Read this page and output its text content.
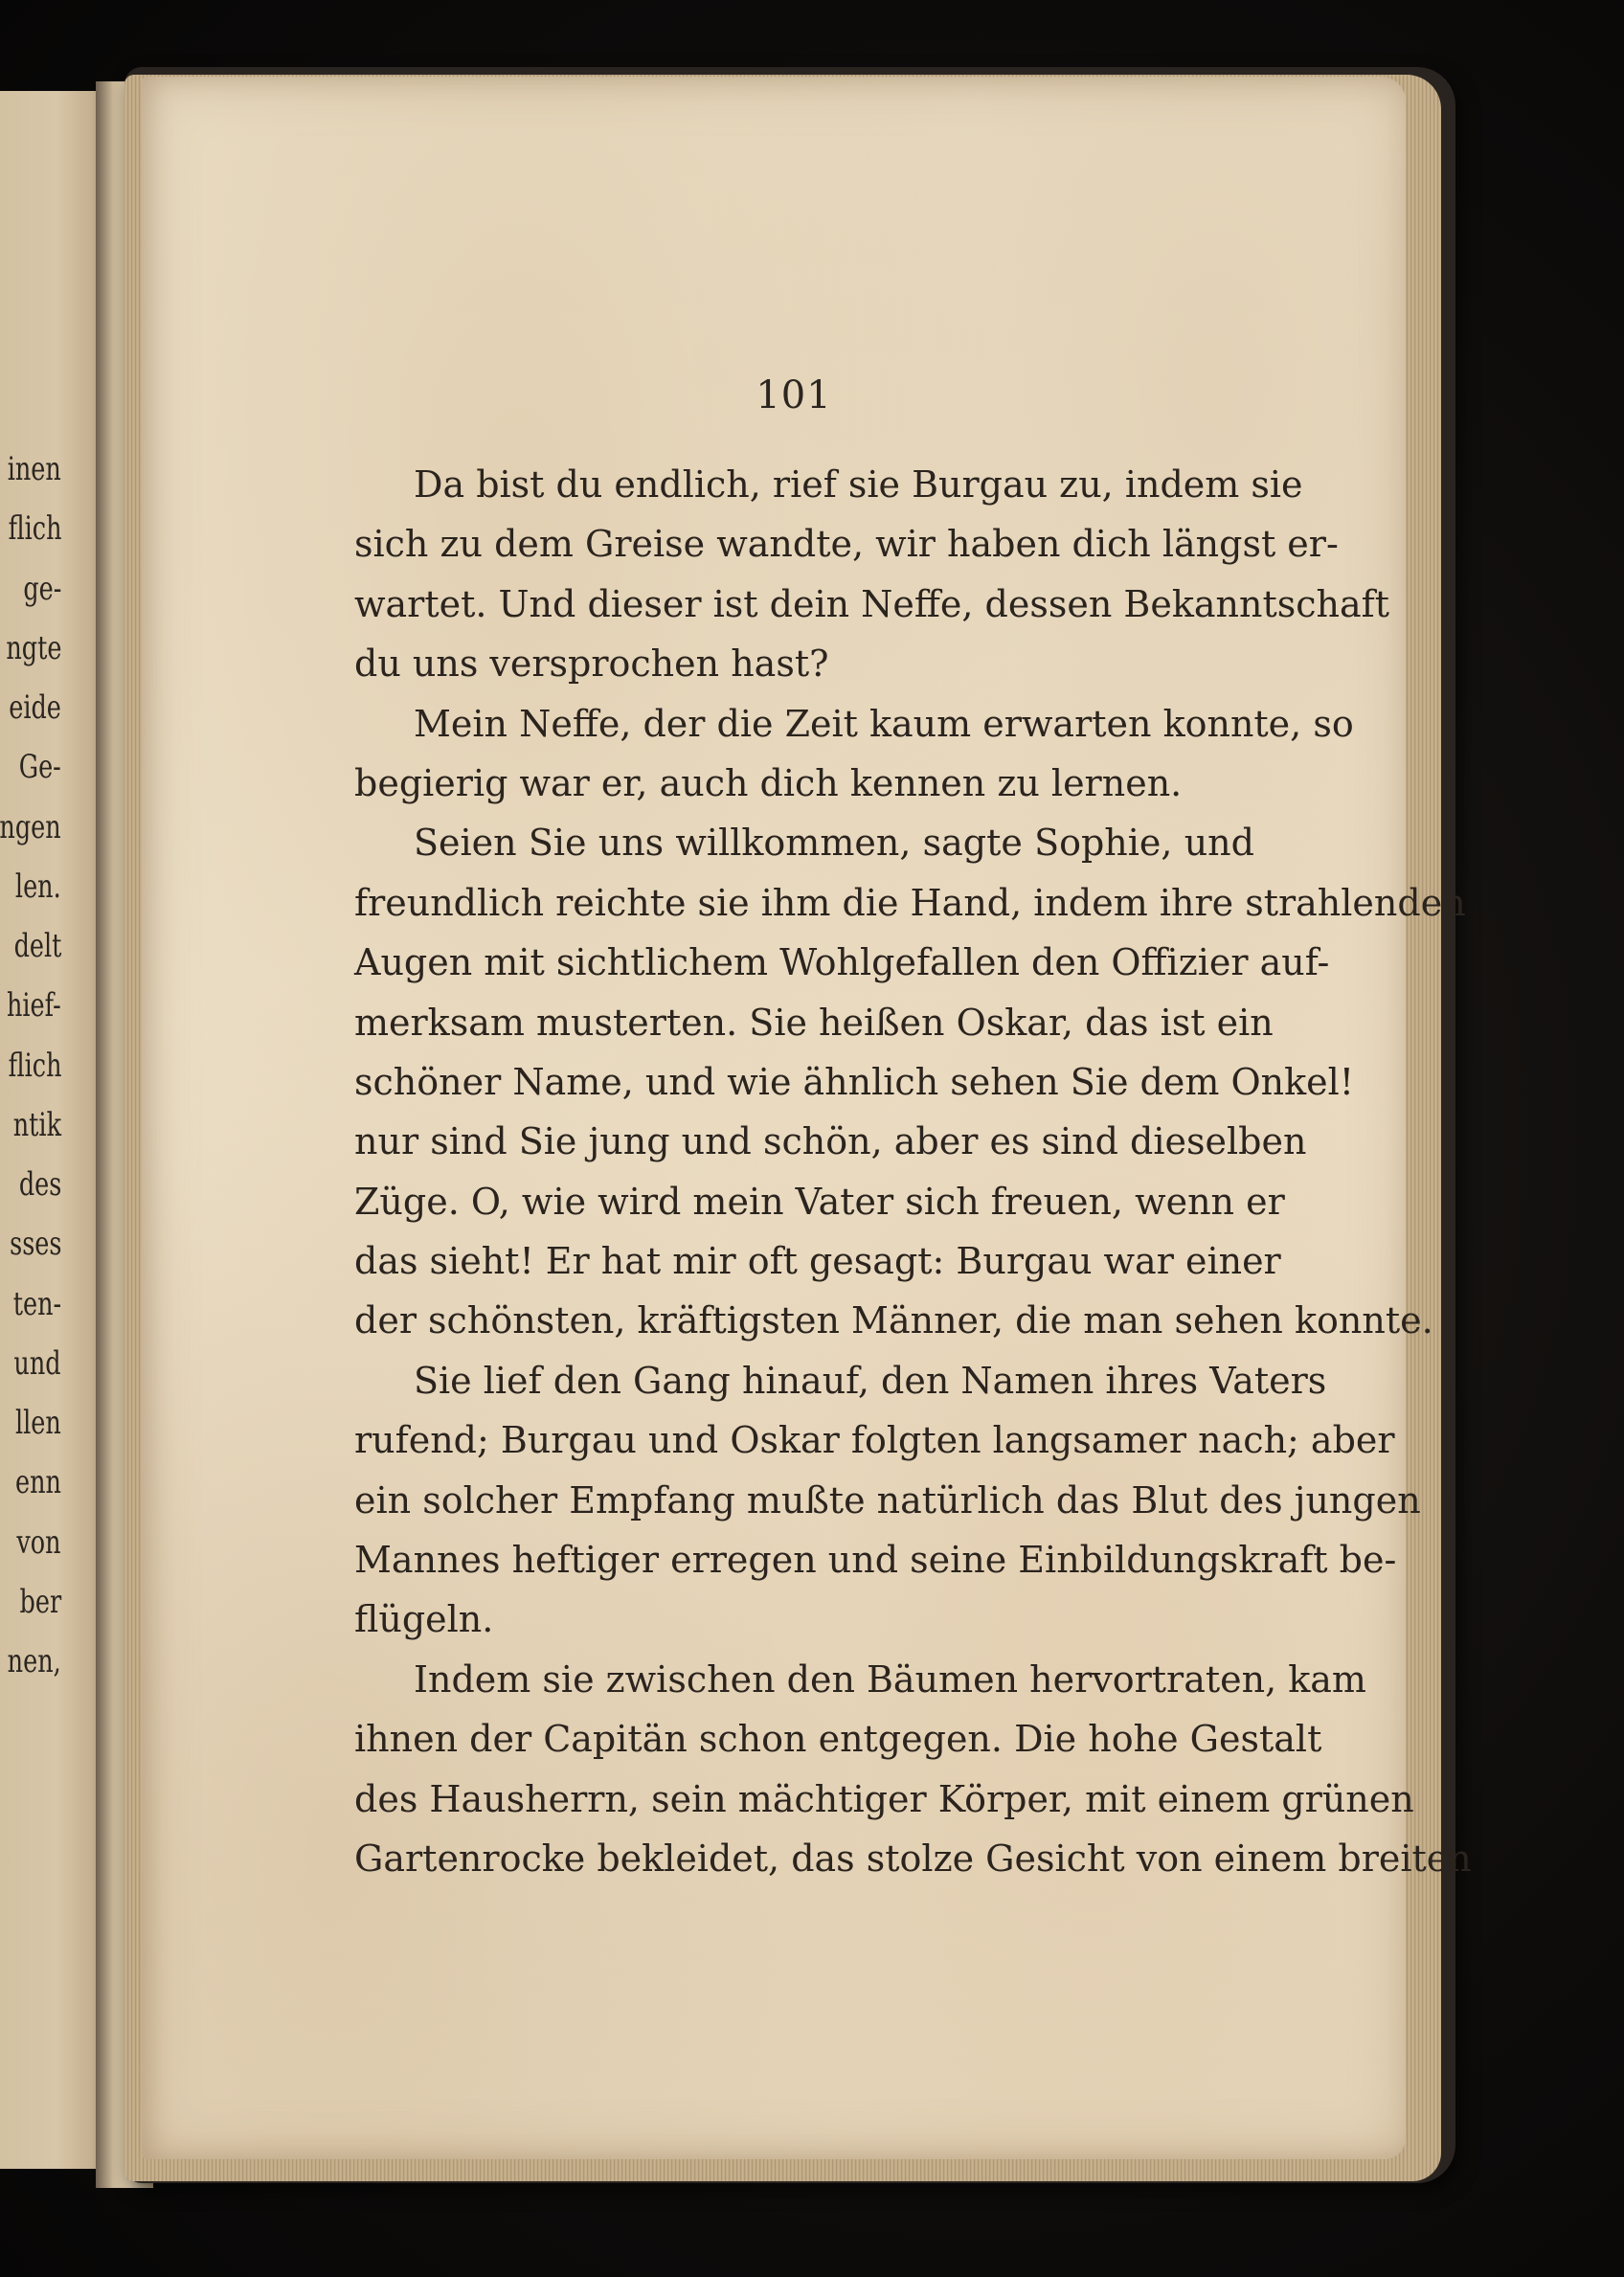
inen
flich
ge-
ngte
eide
Ge-
ngen
len.
delt
hief-
flich
ntik
des
sses
ten-
und
llen
enn
von
ber
nen,
101
Da bist du endlich, rief sie Burgau zu, indem sie
sich zu dem Greise wandte, wir haben dich längst er-
wartet. Und dieser ist dein Neffe, dessen Bekanntschaft
du uns versprochen hast?
Mein Neffe, der die Zeit kaum erwarten konnte, so
begierig war er, auch dich kennen zu lernen.
Seien Sie uns willkommen, sagte Sophie, und
freundlich reichte sie ihm die Hand, indem ihre strahlenden
Augen mit sichtlichem Wohlgefallen den Offizier auf-
merksam musterten. Sie heißen Oskar, das ist ein
schöner Name, und wie ähnlich sehen Sie dem Onkel!
nur sind Sie jung und schön, aber es sind dieselben
Züge. O, wie wird mein Vater sich freuen, wenn er
das sieht! Er hat mir oft gesagt: Burgau war einer
der schönsten, kräftigsten Männer, die man sehen konnte.
Sie lief den Gang hinauf, den Namen ihres Vaters
rufend; Burgau und Oskar folgten langsamer nach; aber
ein solcher Empfang mußte natürlich das Blut des jungen
Mannes heftiger erregen und seine Einbildungskraft be-
flügeln.
Indem sie zwischen den Bäumen hervortraten, kam
ihnen der Capitän schon entgegen. Die hohe Gestalt
des Hausherrn, sein mächtiger Körper, mit einem grünen
Gartenrocke bekleidet, das stolze Gesicht von einem breiten
